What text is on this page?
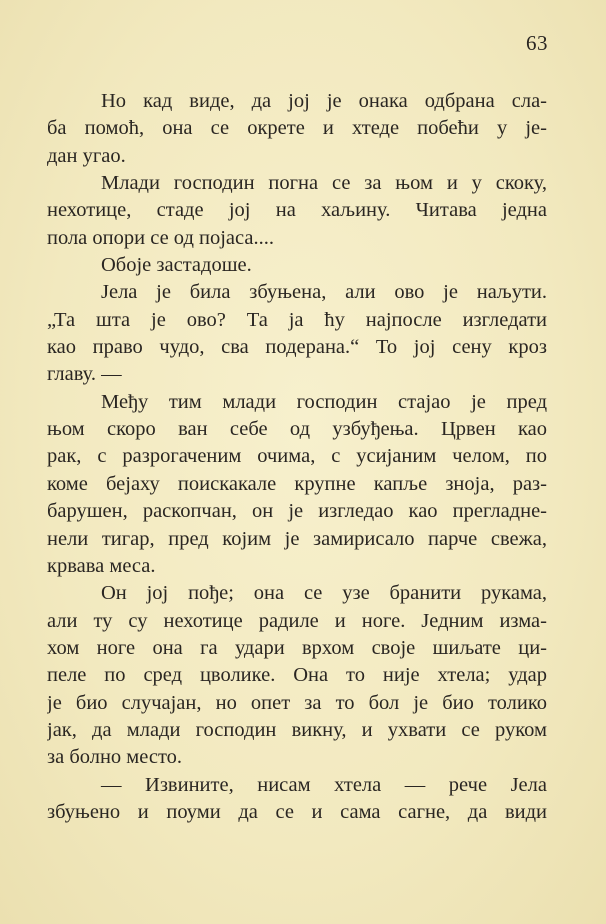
63
Но кад виде, да јој је онака одбрана сла-
ба помоћ, она се окрете и хтеде побећи у је-
дан угао.
Млади господин погна се за њом и у скоку,
нехотице, стаде јој на хаљину. Читава једна
пола опори се од појаса....
Обоје застадоше.
Јела је била збуњена, али ово је наљути.
„Та шта је ово? Та ја ћу најпосле изгледати
као право чудо, сва подерана.“ То јој сену кроз
главу. —
Међу тим млади господин стајао је пред
њом скоро ван себе од узбуђења. Црвен као
рак, с разрогаченим очима, с усијаним челом, по
коме бејаху поискакале крупне капље зноја, раз-
барушен, раскопчан, он је изгледао као прегладне-
нели тигар, пред којим је замирисало парче свежа,
крвава меса.
Он јој пође; она се узе бранити рукама,
али ту су нехотице радиле и ноге. Једним изма-
хом ноге она га удари врхом своје шиљате ци-
пеле по сред цволике. Она то није хтела; удар
је био случајан, но опет за то бол је био толико
јак, да млади господин викну, и ухвати се руком
за болно место.
— Извините, нисам хтела — рече Јела
збуњено и поуми да се и сама сагне, да види
